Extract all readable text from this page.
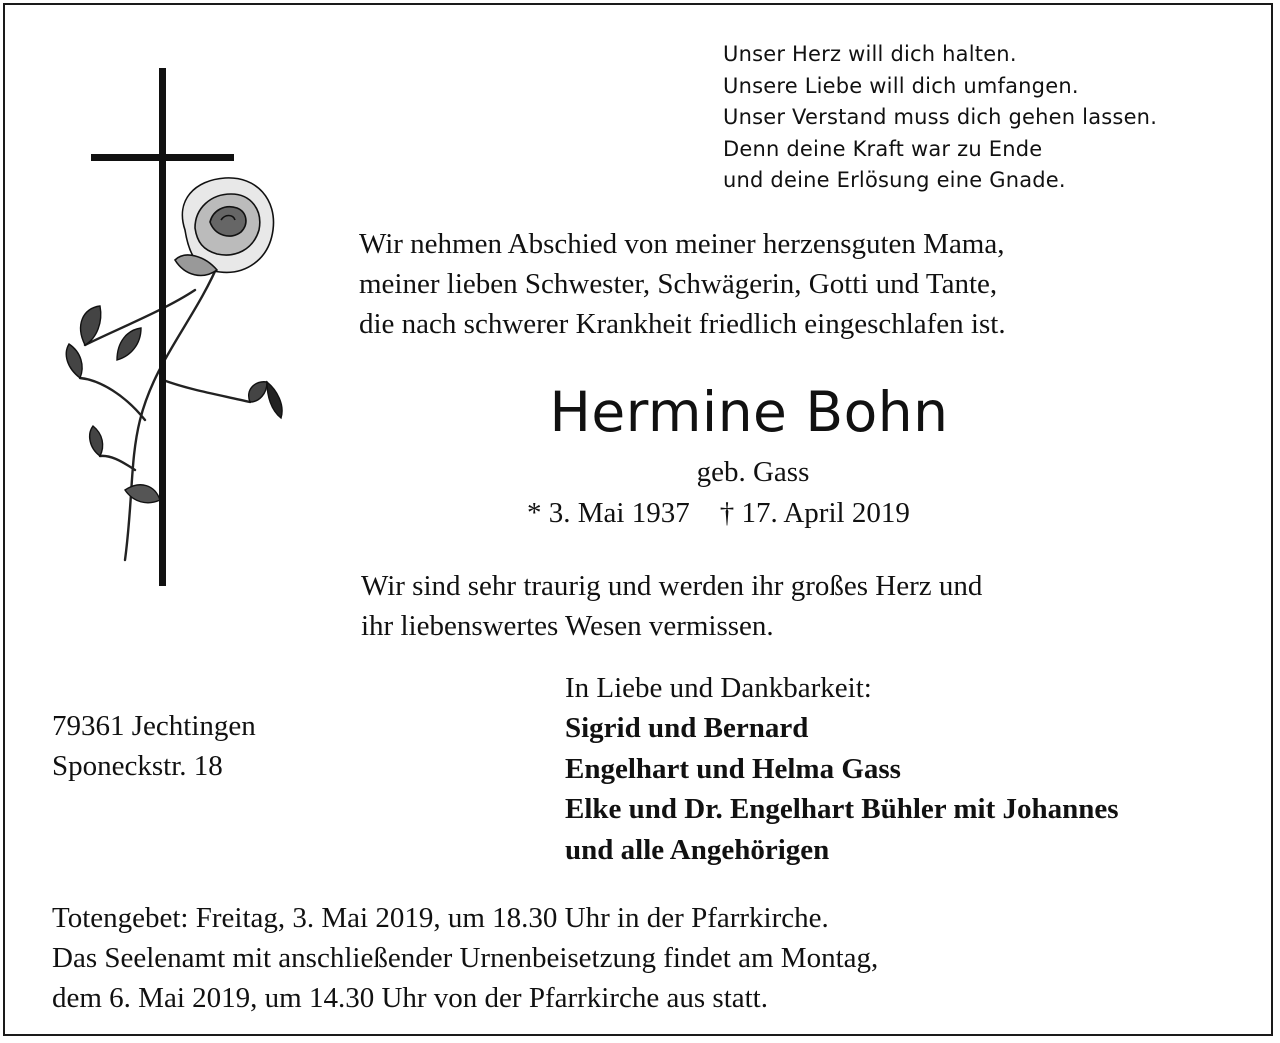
Unser Herz will dich halten.
Unsere Liebe will dich umfangen.
Unser Verstand muss dich gehen lassen.
Denn deine Kraft war zu Ende
und deine Erlösung eine Gnade.
Wir nehmen Abschied von meiner herzensguten Mama,
meiner lieben Schwester, Schwägerin, Gotti und Tante,
die nach schwerer Krankheit friedlich eingeschlafen ist.
Hermine Bohn
geb. Gass
* 3. Mai 1937 † 17. April 2019
Wir sind sehr traurig und werden ihr großes Herz und
ihr liebenswertes Wesen vermissen.
79361 Jechtingen
Sponeckstr. 18
In Liebe und Dankbarkeit:
Sigrid und Bernard
Engelhart und Helma Gass
Elke und Dr. Engelhart Bühler mit Johannes
und alle Angehörigen
Totengebet: Freitag, 3. Mai 2019, um 18.30 Uhr in der Pfarrkirche.
Das Seelenamt mit anschließender Urnenbeisetzung findet am Montag,
dem 6. Mai 2019, um 14.30 Uhr von der Pfarrkirche aus statt.
